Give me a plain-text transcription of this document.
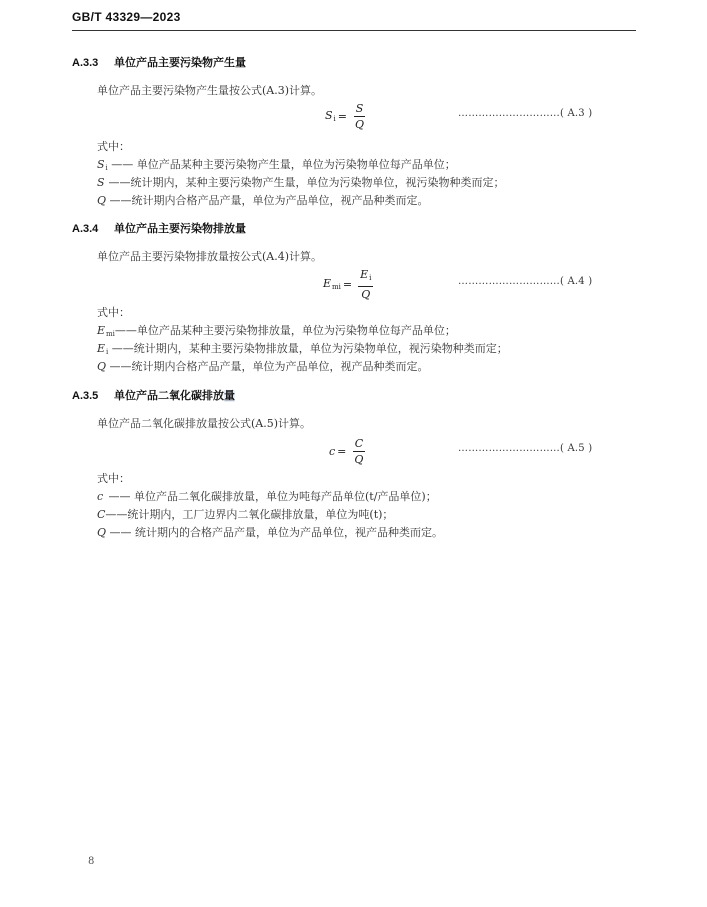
GB/T 43329—2023
A.3.3 单位产品主要污染物产生量
单位产品主要污染物产生量按公式(A.3)计算。
$S_i = \frac{S}{Q}$	…………………………( A.3 )
式中：
$S_i$ —— 单位产品某种主要污染物产生量，单位为污染物单位每产品单位；
S ——统计期内，某种主要污染物产生量，单位为污染物单位，视污染物种类而定；
Q ——统计期内合格产品产量，单位为产品单位，视产品种类而定。
A.3.4 单位产品主要污染物排放量
单位产品主要污染物排放量按公式(A.4)计算。
$E_{mi} = \frac{E_i}{Q}$	…………………………( A.4 )
式中：
$E_{mi}——$单位产品某种主要污染物排放量，单位为污染物单位每产品单位；
$E_i$ ——统计期内，某种主要污染物排放量，单位为污染物单位，视污染物种类而定；
Q ——统计期内合格产品产量，单位为产品单位，视产品种类而定。
A.3.5 单位产品二氧化碳排放量
单位产品二氧化碳排放量按公式(A.5)计算。
$c = \frac{C}{Q}$	…………………………( A.5 )
式中：
c —— 单位产品二氧化碳排放量，单位为吨每产品单位(t/产品单位)；
C——统计期内，工厂边界内二氧化碳排放量，单位为吨(t)；
Q —— 统计期内的合格产品产量，单位为产品单位，视产品种类而定。
8
